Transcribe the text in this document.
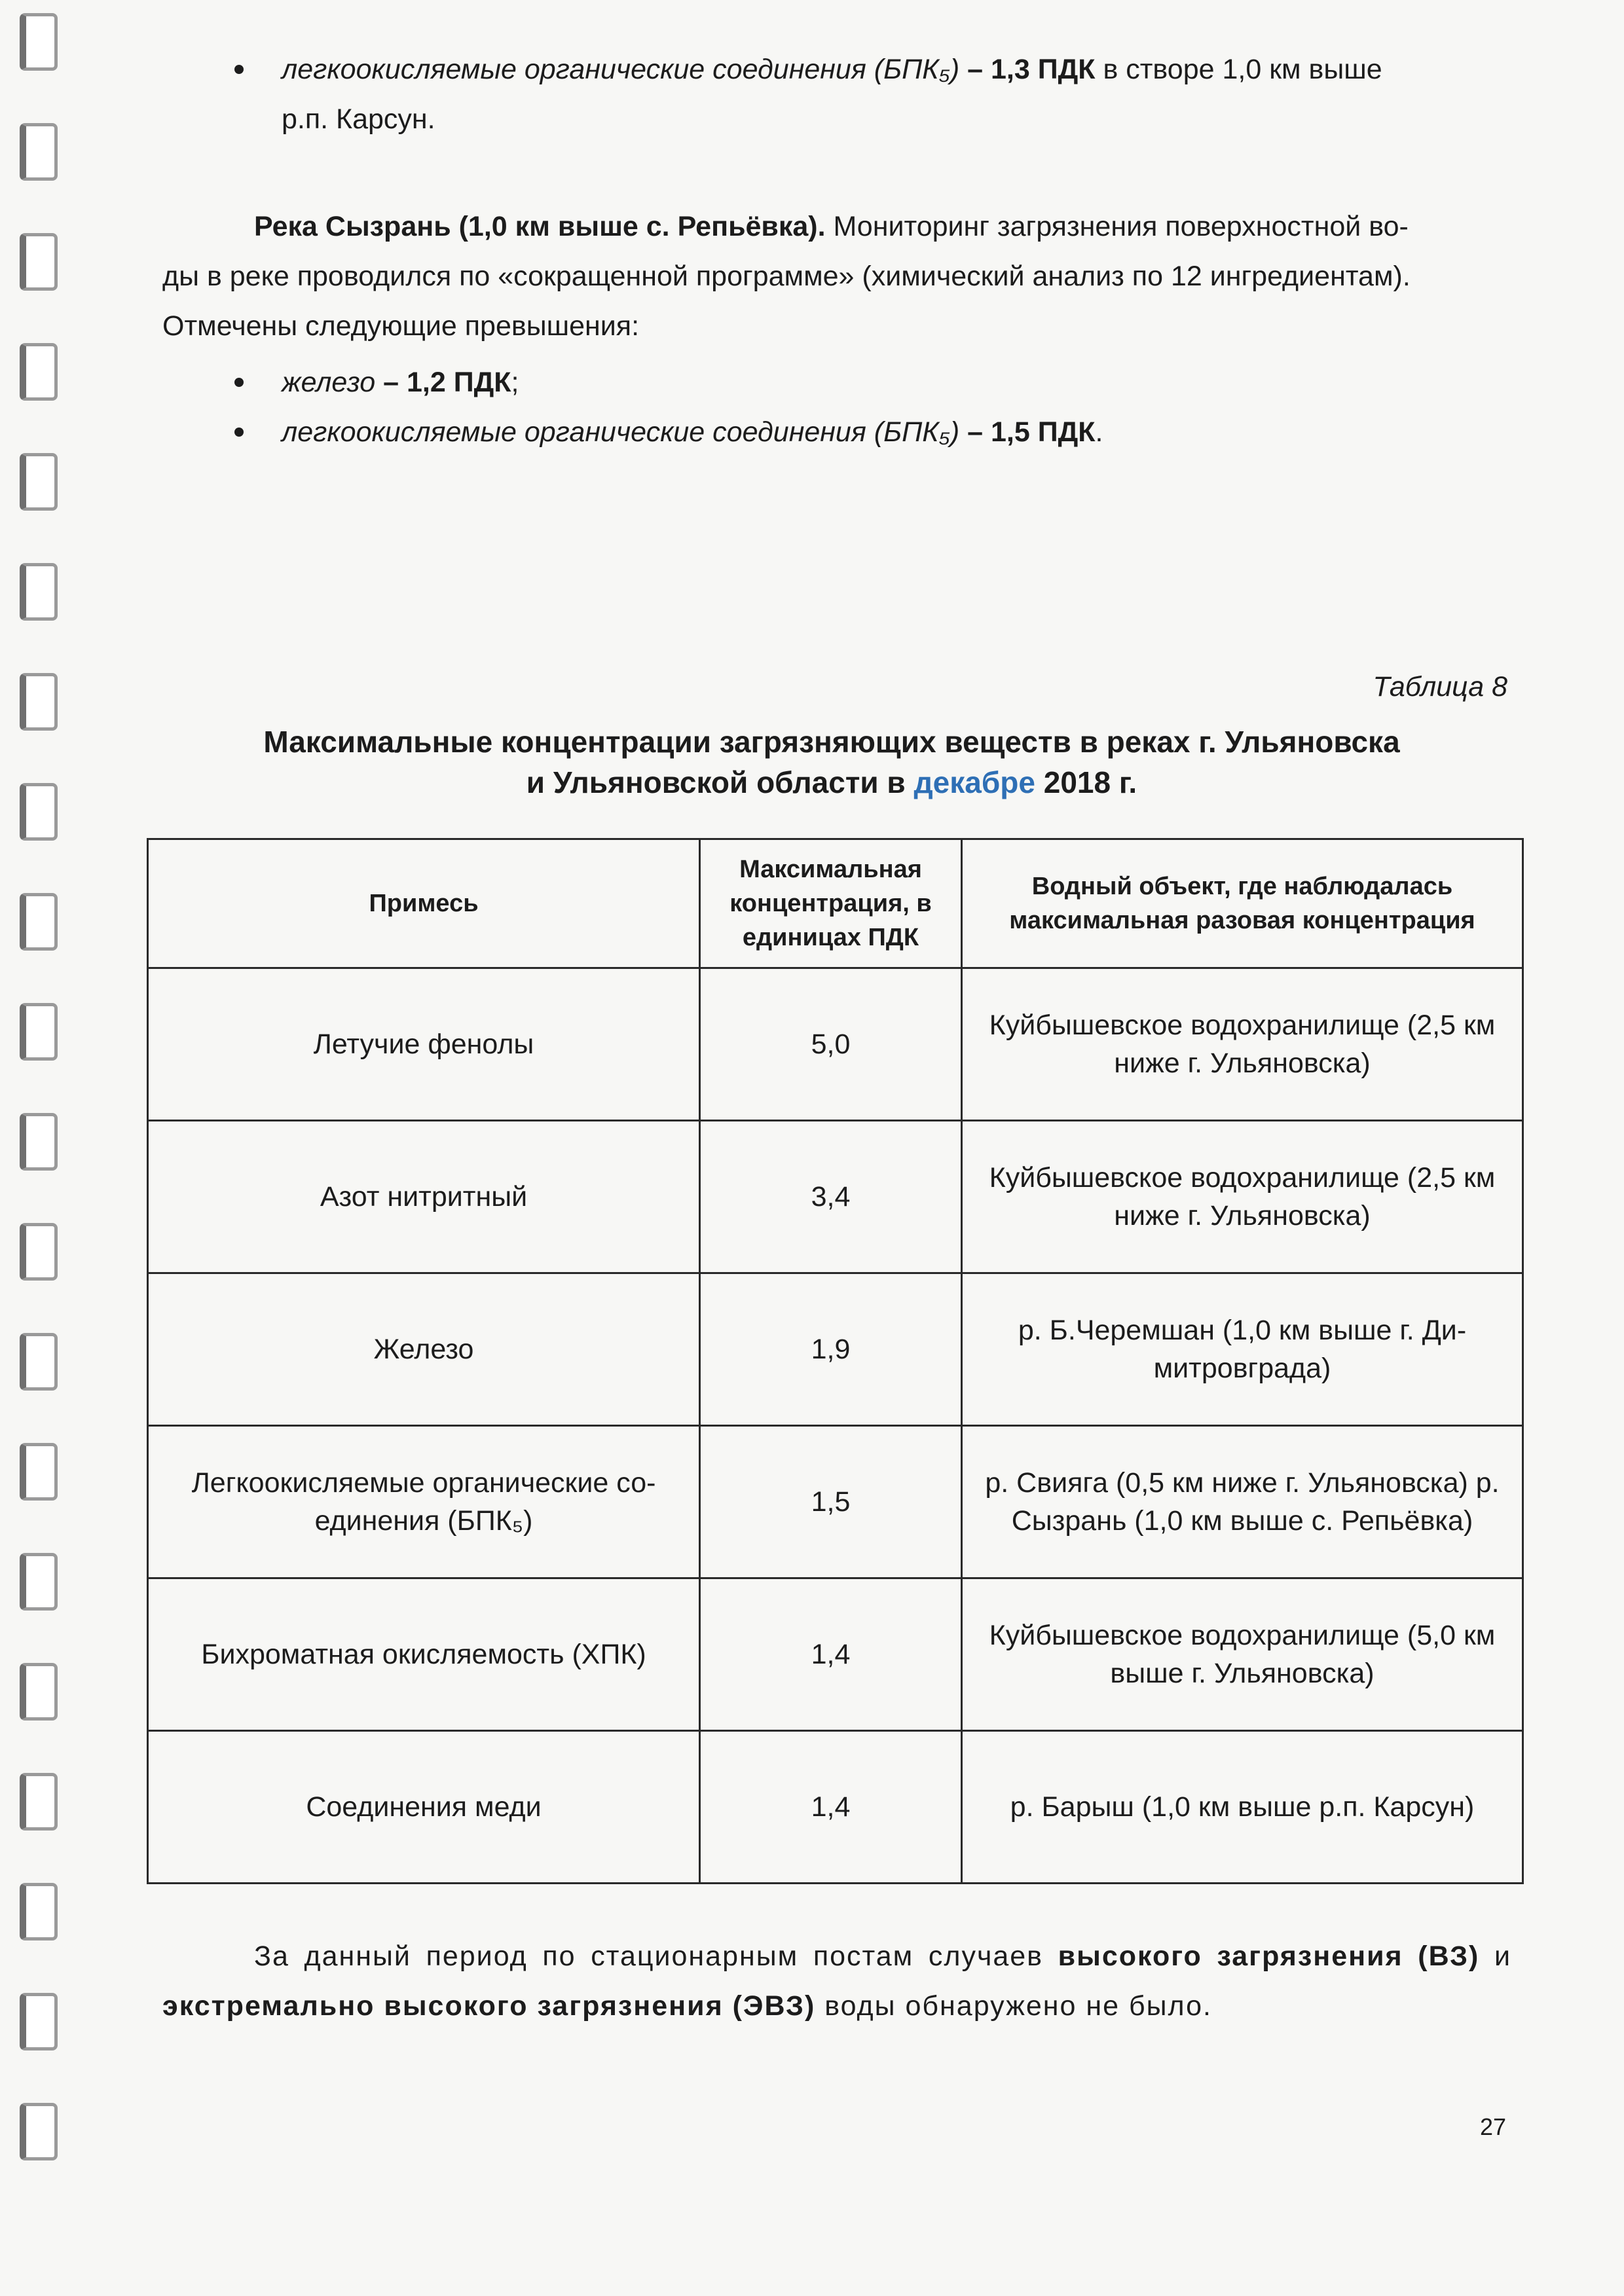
легкоокисляемые органические соединения (БПК₅) – 1,3 ПДК в створе 1,0 км выше
р.п. Карсун.
Река Сызрань (1,0 км выше с. Репьёвка). Мониторинг загрязнения поверхностной во-
ды в реке проводился по «сокращенной программе» (химический анализ по 12 ингредиентам).
Отмечены следующие превышения:
железо – 1,2 ПДК;
легкоокисляемые органические соединения (БПК₅) – 1,5 ПДК.
Таблица 8
Максимальные концентрации загрязняющих веществ в реках г. Ульяновска
и Ульяновской области в декабре 2018 г.
Примесь	Максимальная концентрация, в единицах ПДК	Водный объект, где наблюдалась максимальная разовая концентрация
Летучие фенолы	5,0	Куйбышевское водохранилище (2,5 км ниже г. Ульяновска)
Азот нитритный	3,4	Куйбышевское водохранилище (2,5 км ниже г. Ульяновска)
Железо	1,9	р. Б.Черемшан (1,0 км выше г. Ди-митровграда)
Легкоокисляемые органические со-единения (БПК₅)	1,5	р. Свияга (0,5 км ниже г. Ульяновска) р. Сызрань (1,0 км выше с. Репьёвка)
Бихроматная окисляемость (ХПК)	1,4	Куйбышевское водохранилище (5,0 км выше г. Ульяновска)
Соединения меди	1,4	р. Барыш (1,0 км выше р.п. Карсун)
За данный период по стационарным постам случаев высокого загрязнения (ВЗ) и экстремально высокого загрязнения (ЭВЗ) воды обнаружено не было.
27
